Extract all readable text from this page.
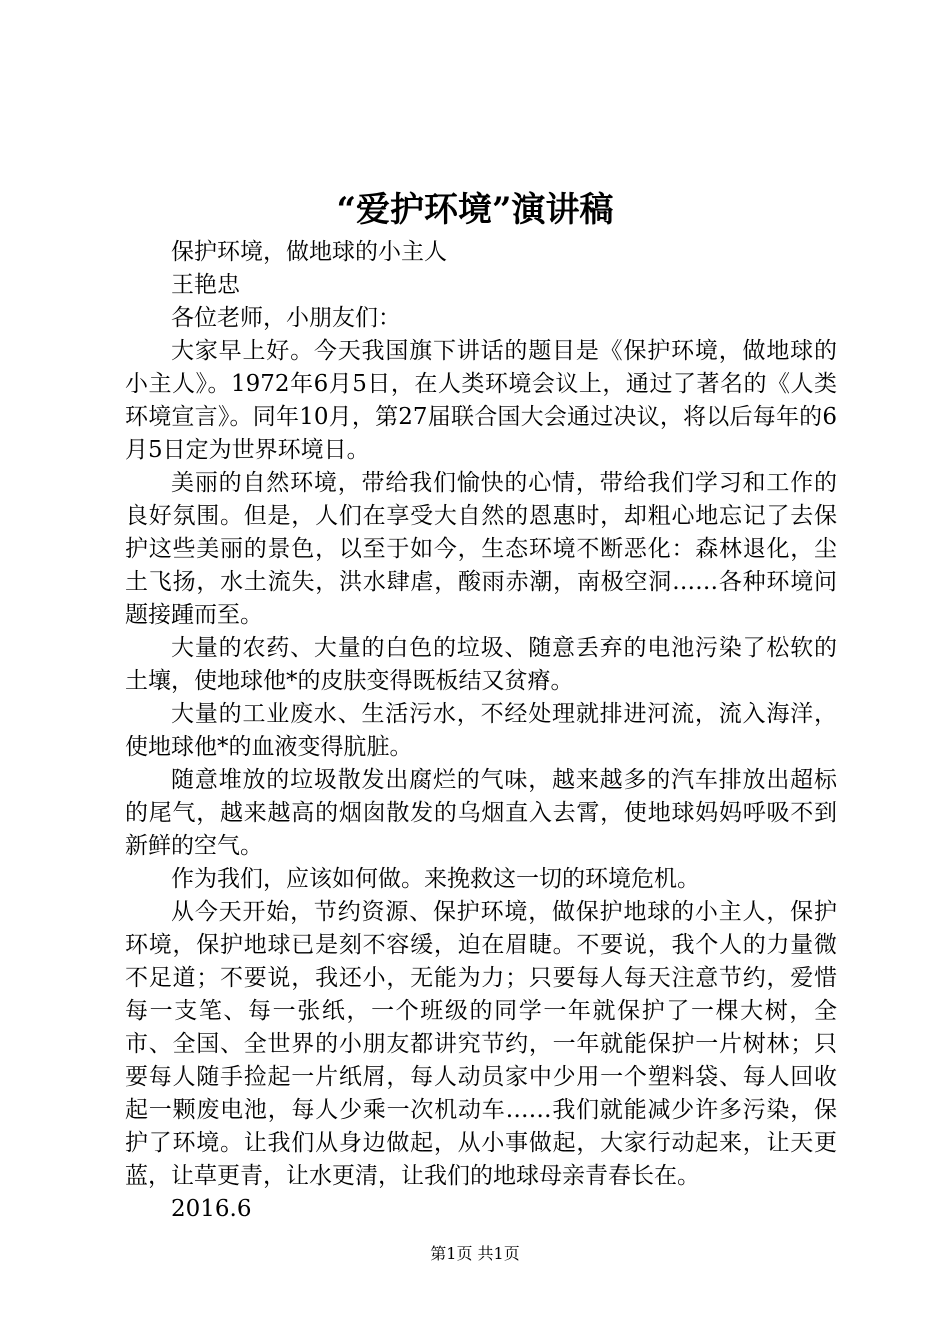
“爱护环境”演讲稿

保护环境，做地球的小主人

王艳忠

各位老师，小朋友们：

大家早上好。今天我国旗下讲话的题目是《保护环境，做地球的小主人》。1972年6月5日，在人类环境会议上，通过了著名的《人类环境宣言》。同年10月，第27届联合国大会通过决议，将以后每年的6月5日定为世界环境日。

美丽的自然环境，带给我们愉快的心情，带给我们学习和工作的良好氛围。但是，人们在享受大自然的恩惠时，却粗心地忘记了去保护这些美丽的景色，以至于如今，生态环境不断恶化：森林退化，尘土飞扬，水土流失，洪水肆虐，酸雨赤潮，南极空洞……各种环境问题接踵而至。

大量的农药、大量的白色的垃圾、随意丢弃的电池污染了松软的土壤，使地球他*的皮肤变得既板结又贫瘠。

大量的工业废水、生活污水，不经处理就排进河流，流入海洋，使地球他*的血液变得肮脏。

随意堆放的垃圾散发出腐烂的气味，越来越多的汽车排放出超标的尾气，越来越高的烟囱散发的乌烟直入去霄，使地球妈妈呼吸不到新鲜的空气。

作为我们，应该如何做。来挽救这一切的环境危机。

从今天开始，节约资源、保护环境，做保护地球的小主人，保护环境，保护地球已是刻不容缓，迫在眉睫。不要说，我个人的力量微不足道；不要说，我还小，无能为力；只要每人每天注意节约，爱惜每一支笔、每一张纸，一个班级的同学一年就保护了一棵大树，全市、全国、全世界的小朋友都讲究节约，一年就能保护一片树林；只要每人随手捡起一片纸屑，每人动员家中少用一个塑料袋、每人回收起一颗废电池，每人少乘一次机动车……我们就能减少许多污染，保护了环境。让我们从身边做起，从小事做起，大家行动起来，让天更蓝，让草更青，让水更清，让我们的地球母亲青春长在。

2016.6

第1页 共1页
